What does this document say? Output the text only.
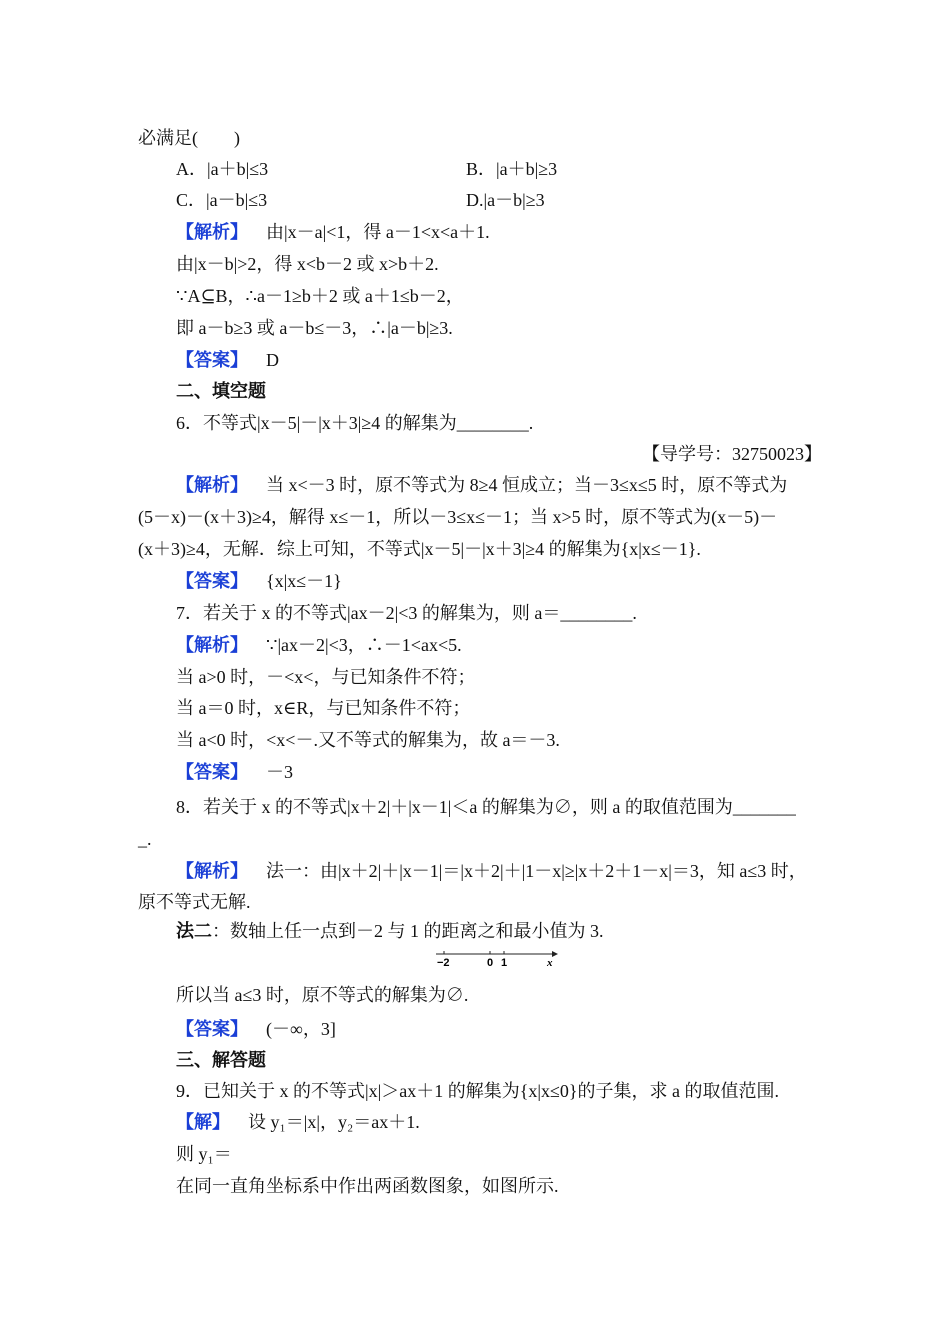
必满足(　　)
A．|a＋b|≤3	B．|a＋b|≥3
C．|a－b|≤3	D.|a－b|≥3
【解析】 由|x－a|<1，得 a－1<x<a＋1.
由|x－b|>2，得 x<b－2 或 x>b＋2.
∵A⊆B，∴a－1≥b＋2 或 a＋1≤b－2，
即 a－b≥3 或 a－b≤－3，∴|a－b|≥3.
【答案】 D
二、填空题
6．不等式|x－5|－|x＋3|≥4 的解集为________.
【导学号：32750023】
【解析】 当 x<－3 时，原不等式为 8≥4 恒成立；当－3≤x≤5 时，原不等式为
(5－x)－(x＋3)≥4，解得 x≤－1，所以－3≤x≤－1；当 x>5 时，原不等式为(x－5)－
(x＋3)≥4，无解．综上可知，不等式|x－5|－|x＋3|≥4 的解集为{x|x≤－1}.
【答案】 {x|x≤－1}
7．若关于 x 的不等式|ax－2|<3 的解集为，则 a＝________.
【解析】 ∵|ax－2|<3，∴－1<ax<5.
当 a>0 时，－<x<，与已知条件不符；
当 a＝0 时，x∈R，与已知条件不符；
当 a<0 时，<x<－.又不等式的解集为，故 a＝－3.
【答案】 －3
8．若关于 x 的不等式|x＋2|＋|x－1|＜a 的解集为∅，则 a 的取值范围为_______
_.
【解析】 法一：由|x＋2|＋|x－1|＝|x＋2|＋|1－x|≥|x＋2＋1－x|＝3，知 a≤3 时，
原不等式无解.
法二：数轴上任一点到－2 与 1 的距离之和最小值为 3.
−2	0 1	x
所以当 a≤3 时，原不等式的解集为∅.
【答案】 (－∞，3]
三、解答题
9．已知关于 x 的不等式|x|＞ax＋1 的解集为{x|x≤0}的子集，求 a 的取值范围.
【解】 设 y₁＝|x|，y₂＝ax＋1.
则 y₁＝
在同一直角坐标系中作出两函数图象，如图所示.
